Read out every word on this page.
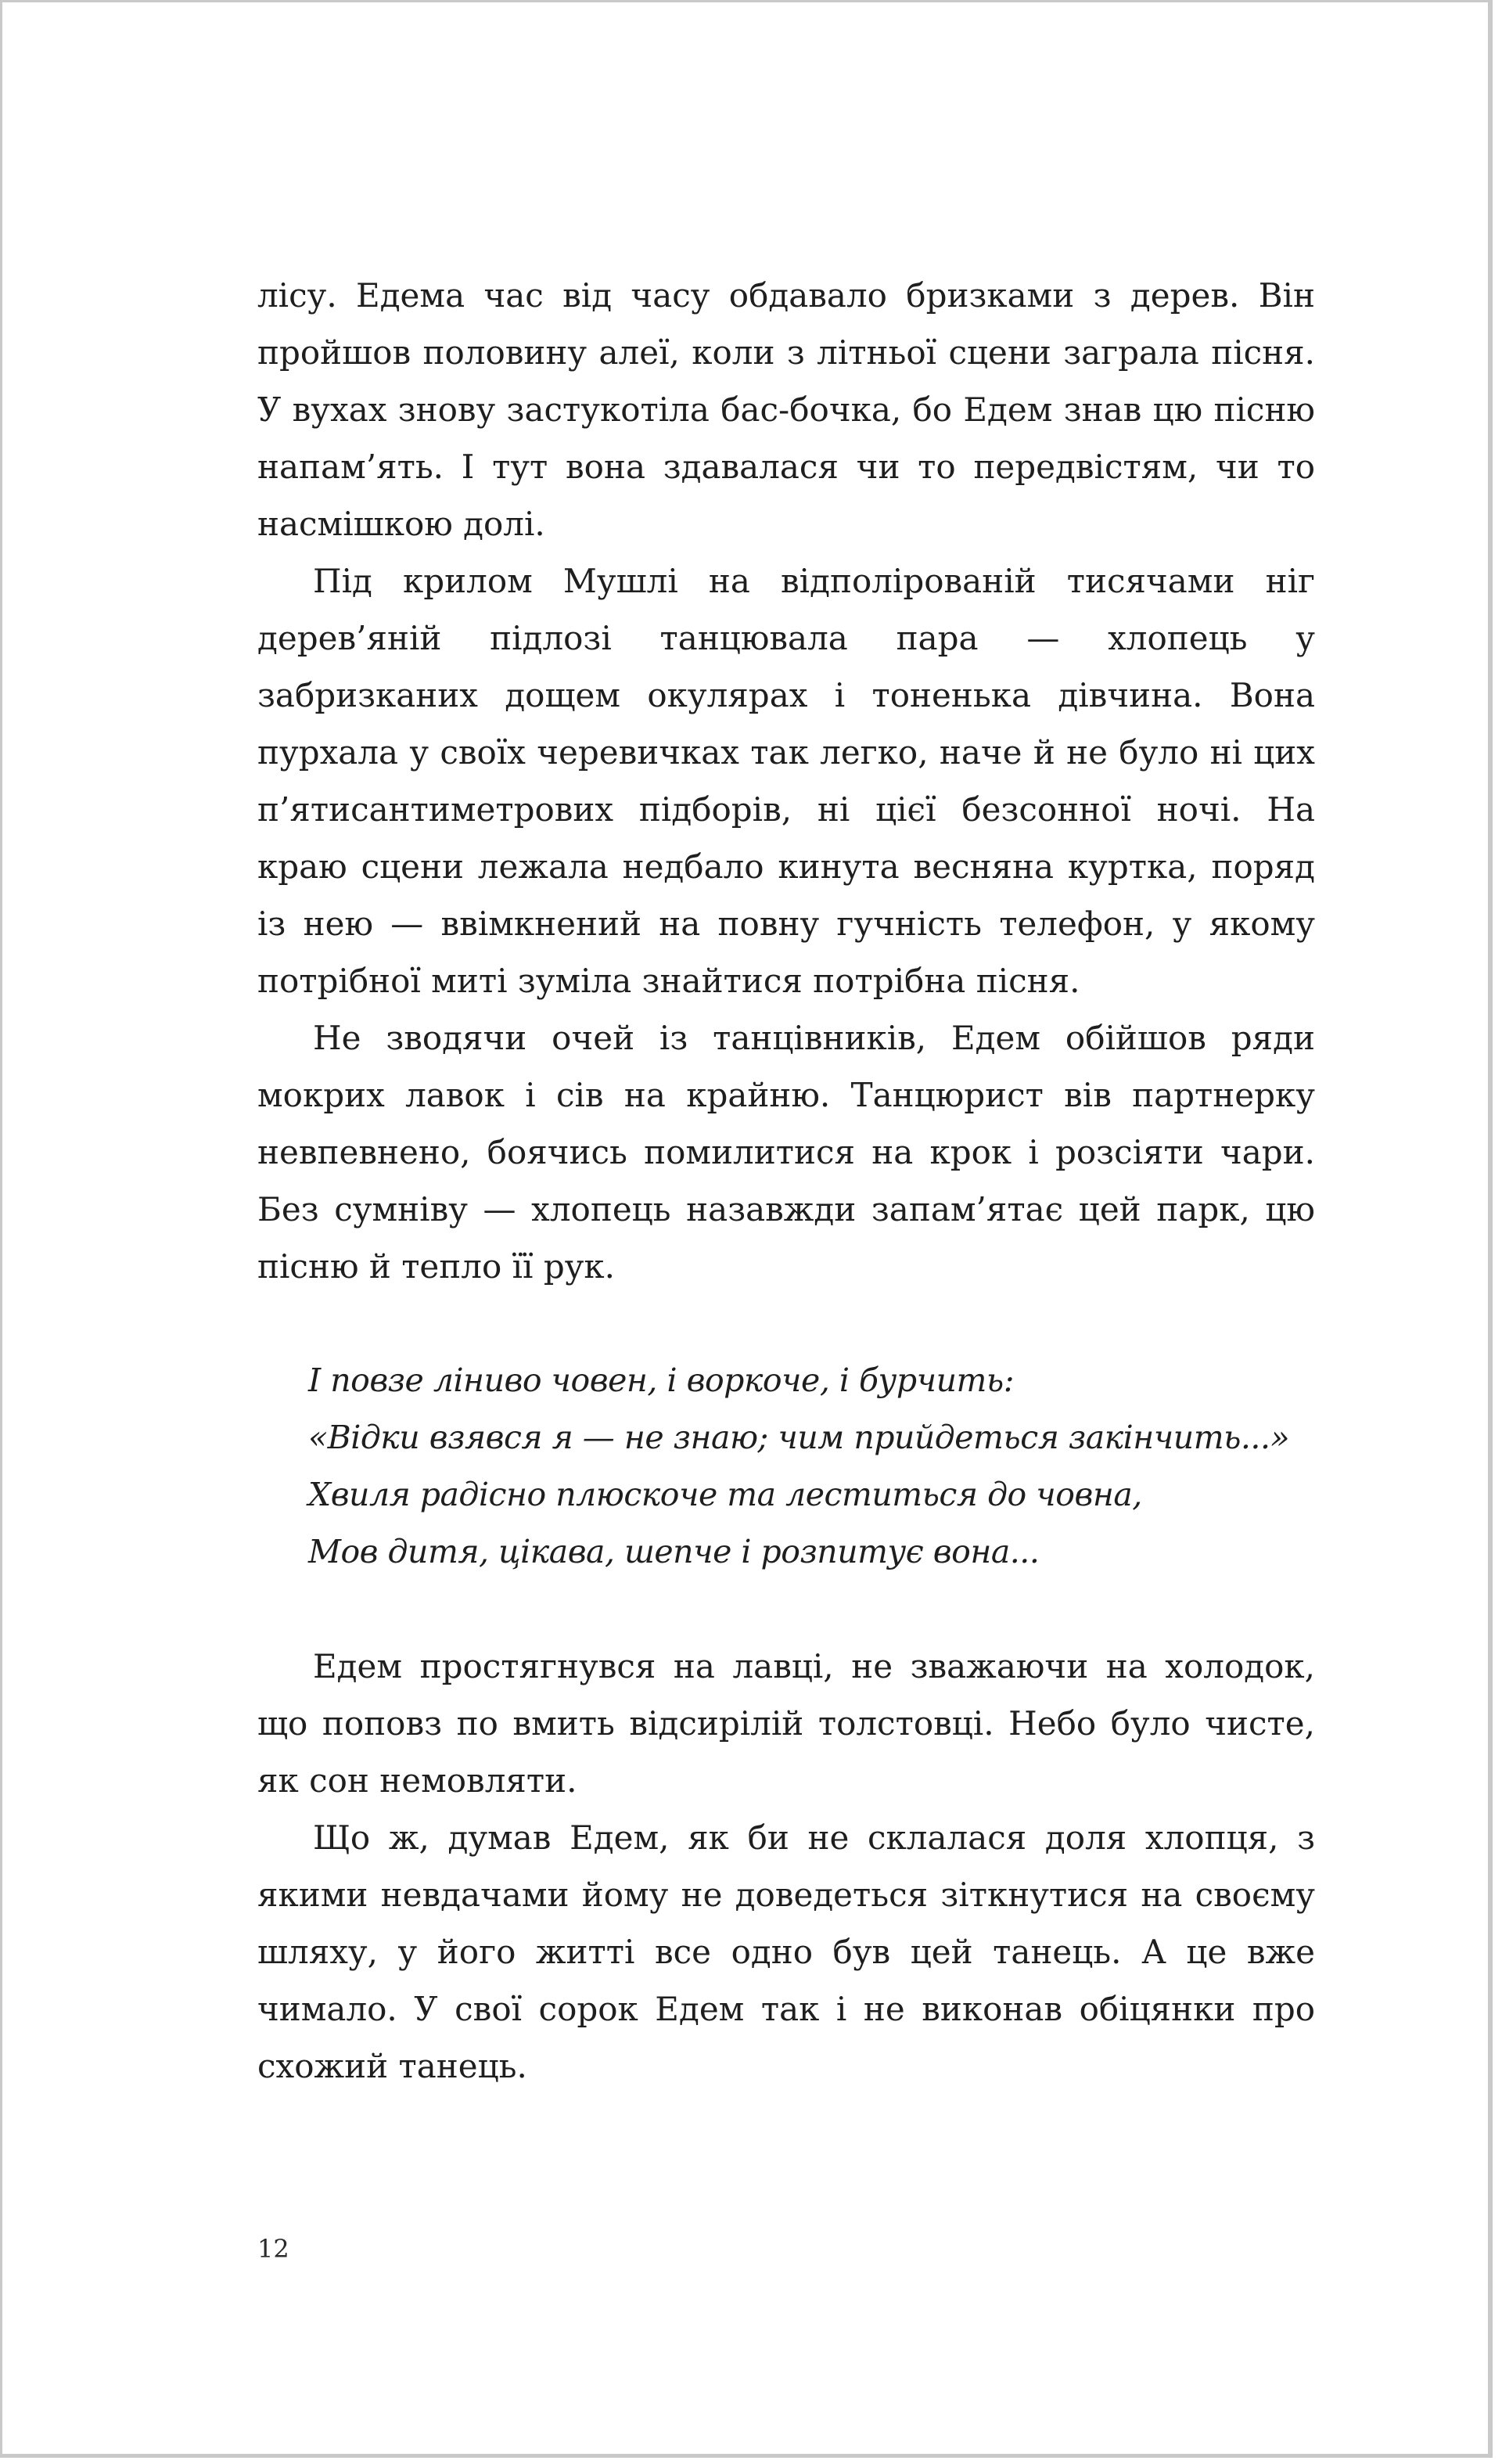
лісу. Едема час від часу обдавало бризками з дерев. Він пройшов половину алеї, коли з літньої сцени заграла пісня. У вухах знову застукотіла бас-бочка, бо Едем знав цю пісню напам’ять. І тут вона здавалася чи то передвістям, чи то насмішкою долі.

Під крилом Мушлі на відполірованій тисячами ніг дерев’яній підлозі танцювала пара — хлопець у забризканих дощем окулярах і тоненька дівчина. Вона пурхала у своїх черевичках так легко, наче й не було ні цих п’ятисантиметрових підборів, ні цієї безсонної ночі. На краю сцени лежала недбало кинута весняна куртка, поряд із нею — ввімкнений на повну гучність телефон, у якому потрібної миті зуміла знайтися потрібна пісня.

Не зводячи очей із танцівників, Едем обійшов ряди мокрих лавок і сів на крайню. Танцюрист вів партнерку невпевнено, боячись помилитися на крок і розсіяти чари. Без сумніву — хлопець назавжди запам’ятає цей парк, цю пісню й тепло її рук.

І повзе ліниво човен, і воркоче, і бурчить:
«Відки взявся я — не знаю; чим прийдеться закінчить...»
Хвиля радісно плюскоче та леститься до човна,
Мов дитя, цікава, шепче і розпитує вона...

Едем простягнувся на лавці, не зважаючи на холодок, що поповз по вмить відсирілій толстовці. Небо було чисте, як сон немовляти.

Що ж, думав Едем, як би не склалася доля хлопця, з якими невдачами йому не доведеться зіткнутися на своєму шляху, у його житті все одно був цей танець. А це вже чимало. У свої сорок Едем так і не виконав обіцянки про схожий танець.

12
